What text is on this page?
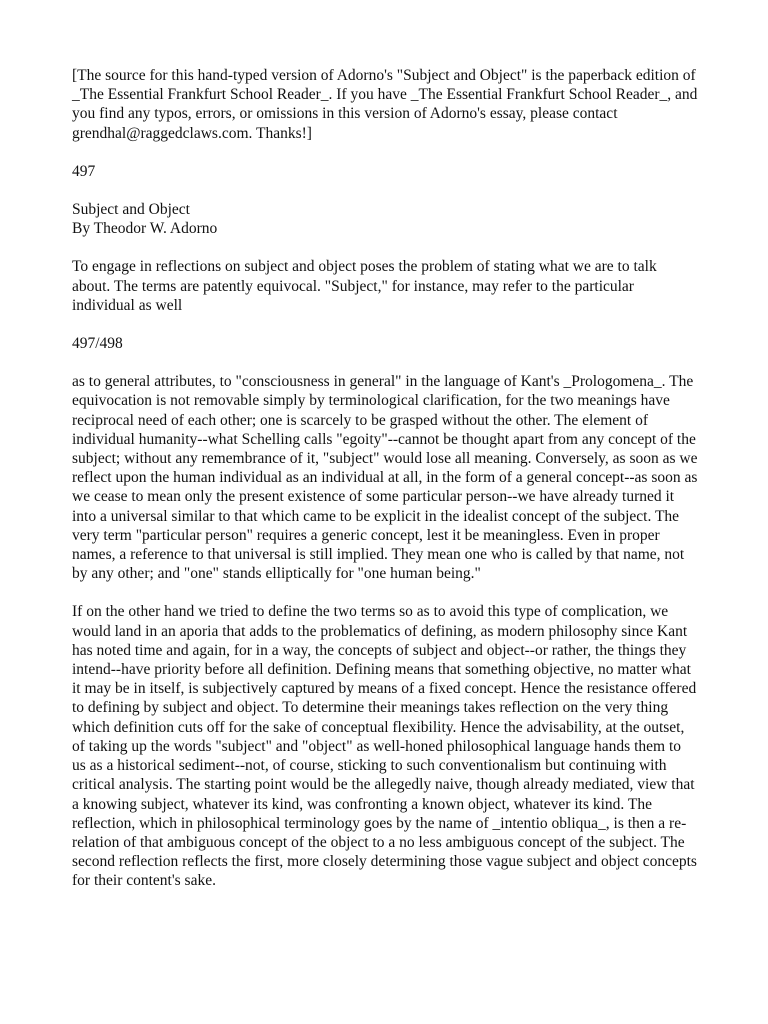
[The source for this hand-typed version of Adorno's "Subject and Object" is the paperback edition of _The Essential Frankfurt School Reader_. If you have _The Essential Frankfurt School Reader_, and you find any typos, errors, or omissions in this version of Adorno's essay, please contact grendhal@raggedclaws.com. Thanks!]

497

Subject and Object

By Theodor W. Adorno

To engage in reflections on subject and object poses the problem of stating what we are to talk about. The terms are patently equivocal. "Subject," for instance, may refer to the particular individual as well

497/498

as to general attributes, to "consciousness in general" in the language of Kant's _Prologomena_. The equivocation is not removable simply by terminological clarification, for the two meanings have reciprocal need of each other; one is scarcely to be grasped without the other. The element of individual humanity--what Schelling calls "egoity"--cannot be thought apart from any concept of the subject; without any remembrance of it, "subject" would lose all meaning. Conversely, as soon as we reflect upon the human individual as an individual at all, in the form of a general concept--as soon as we cease to mean only the present existence of some particular person--we have already turned it into a universal similar to that which came to be explicit in the idealist concept of the subject. The very term "particular person" requires a generic concept, lest it be meaningless. Even in proper names, a reference to that universal is still implied. They mean one who is called by that name, not by any other; and "one" stands elliptically for "one human being."

If on the other hand we tried to define the two terms so as to avoid this type of complication, we would land in an aporia that adds to the problematics of defining, as modern philosophy since Kant has noted time and again, for in a way, the concepts of subject and object--or rather, the things they intend--have priority before all definition. Defining means that something objective, no matter what it may be in itself, is subjectively captured by means of a fixed concept. Hence the resistance offered to defining by subject and object. To determine their meanings takes reflection on the very thing which definition cuts off for the sake of conceptual flexibility. Hence the advisability, at the outset, of taking up the words "subject" and "object" as well-honed philosophical language hands them to us as a historical sediment--not, of course, sticking to such conventionalism but continuing with critical analysis. The starting point would be the allegedly naive, though already mediated, view that a knowing subject, whatever its kind, was confronting a known object, whatever its kind. The reflection, which in philosophical terminology goes by the name of _intentio obliqua_, is then a re-relation of that ambiguous concept of the object to a no less ambiguous concept of the subject. The second reflection reflects the first, more closely determining those vague subject and object concepts for their content's sake.
